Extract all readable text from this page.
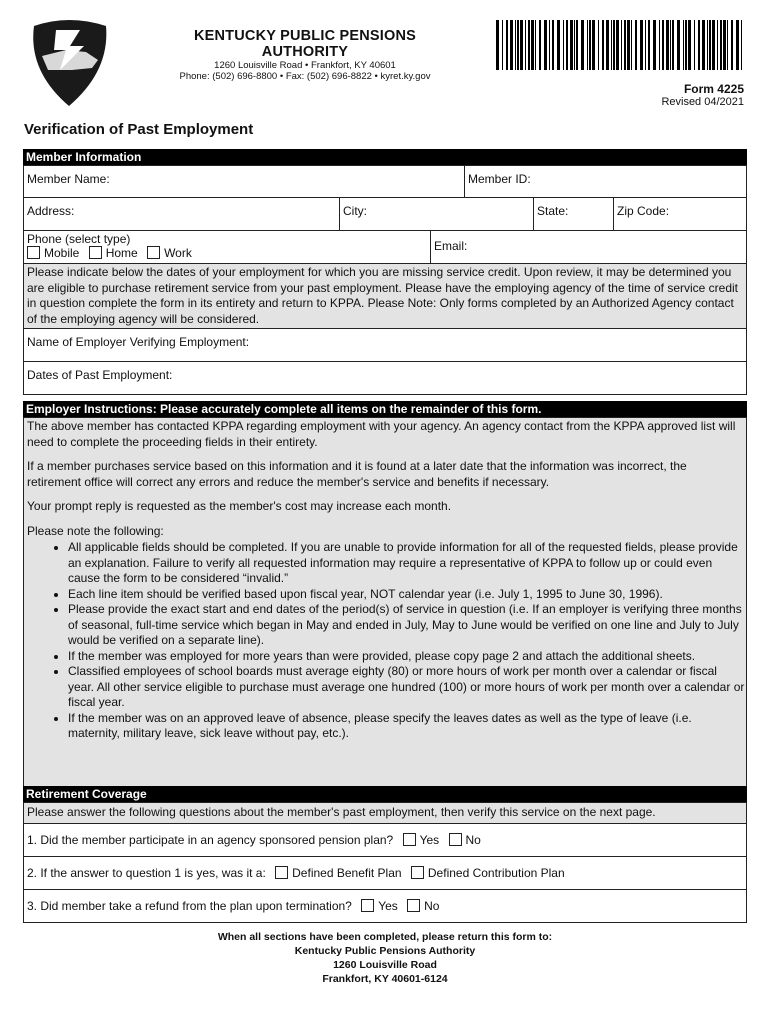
KENTUCKY PUBLIC PENSIONS AUTHORITY
1260 Louisville Road • Frankfort, KY 40601
Phone: (502) 696-8800 • Fax: (502) 696-8822 • kyret.ky.gov
Form 4225
Revised 04/2021
Verification of Past Employment
Member Information
Member Name:	Member ID:
Address:	City:	State:	Zip Code:
Phone (select type)
Mobile Home Work	Email:
Please indicate below the dates of your employment for which you are missing service credit. Upon review, it may be determined you are eligible to purchase retirement service from your past employment. Please have the employing agency of the time of service credit in question complete the form in its entirety and return to KPPA. Please Note: Only forms completed by an Authorized Agency contact of the employing agency will be considered.
Name of Employer Verifying Employment:
Dates of Past Employment:
Employer Instructions: Please accurately complete all items on the remainder of this form.
The above member has contacted KPPA regarding employment with your agency. An agency contact from the KPPA approved list will need to complete the proceeding fields in their entirety.
If a member purchases service based on this information and it is found at a later date that the information was incorrect, the retirement office will correct any errors and reduce the member's service and benefits if necessary.
Your prompt reply is requested as the member's cost may increase each month.
Please note the following:
• All applicable fields should be completed. If you are unable to provide information for all of the requested fields, please provide an explanation. Failure to verify all requested information may require a representative of KPPA to follow up or could even cause the form to be considered “invalid.”
• Each line item should be verified based upon fiscal year, NOT calendar year (i.e. July 1, 1995 to June 30, 1996).
• Please provide the exact start and end dates of the period(s) of service in question (i.e. If an employer is verifying three months of seasonal, full-time service which began in May and ended in July, May to June would be verified on one line and July to July would be verified on a separate line).
• If the member was employed for more years than were provided, please copy page 2 and attach the additional sheets.
• Classified employees of school boards must average eighty (80) or more hours of work per month over a calendar or fiscal year. All other service eligible to purchase must average one hundred (100) or more hours of work per month over a calendar or fiscal year.
• If the member was on an approved leave of absence, please specify the leaves dates as well as the type of leave (i.e. maternity, military leave, sick leave without pay, etc.).
Retirement Coverage
Please answer the following questions about the member's past employment, then verify this service on the next page.
1. Did the member participate in an agency sponsored pension plan? Yes No
2. If the answer to question 1 is yes, was it a: Defined Benefit Plan Defined Contribution Plan
3. Did member take a refund from the plan upon termination? Yes No
When all sections have been completed, please return this form to:
Kentucky Public Pensions Authority
1260 Louisville Road
Frankfort, KY 40601-6124
